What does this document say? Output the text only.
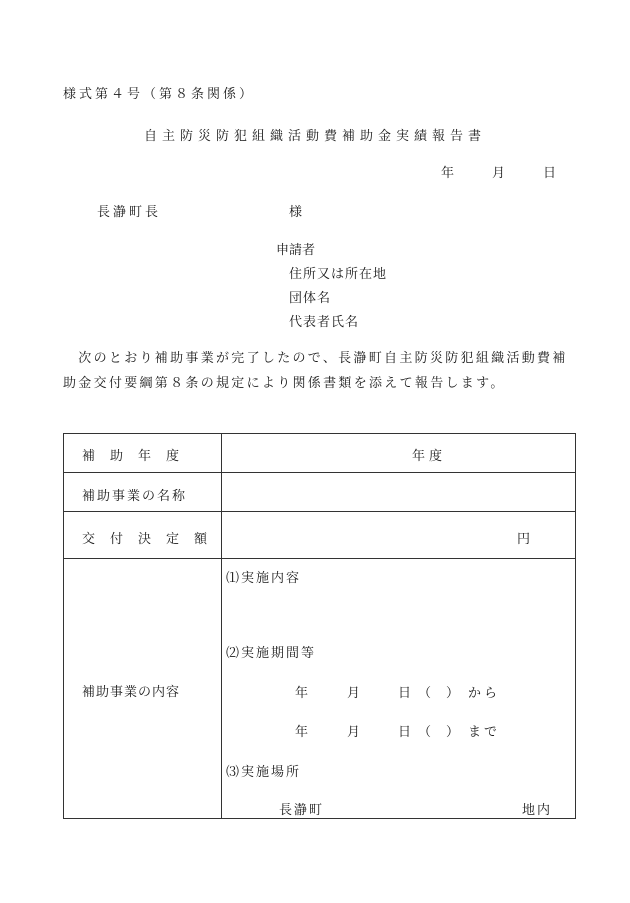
様式第４号（第８条関係）
自主防災防犯組織活動費補助金実績報告書
年	月	日
長瀞町長	様
申請者
住所又は所在地
団体名
代表者氏名
　次のとおり補助事業が完了したので、長瀞町自主防災防犯組織活動費補助金交付要綱第８条の規定により関係書類を添えて報告します。
補　助　年　度	年度
補助事業の名称
交　付　決　定　額	円
補助事業の内容
⑴実施内容
⑵実施期間等
年	月	日 （ ） から
年	月	日 （ ） まで
⑶実施場所
長瀞町	地内
